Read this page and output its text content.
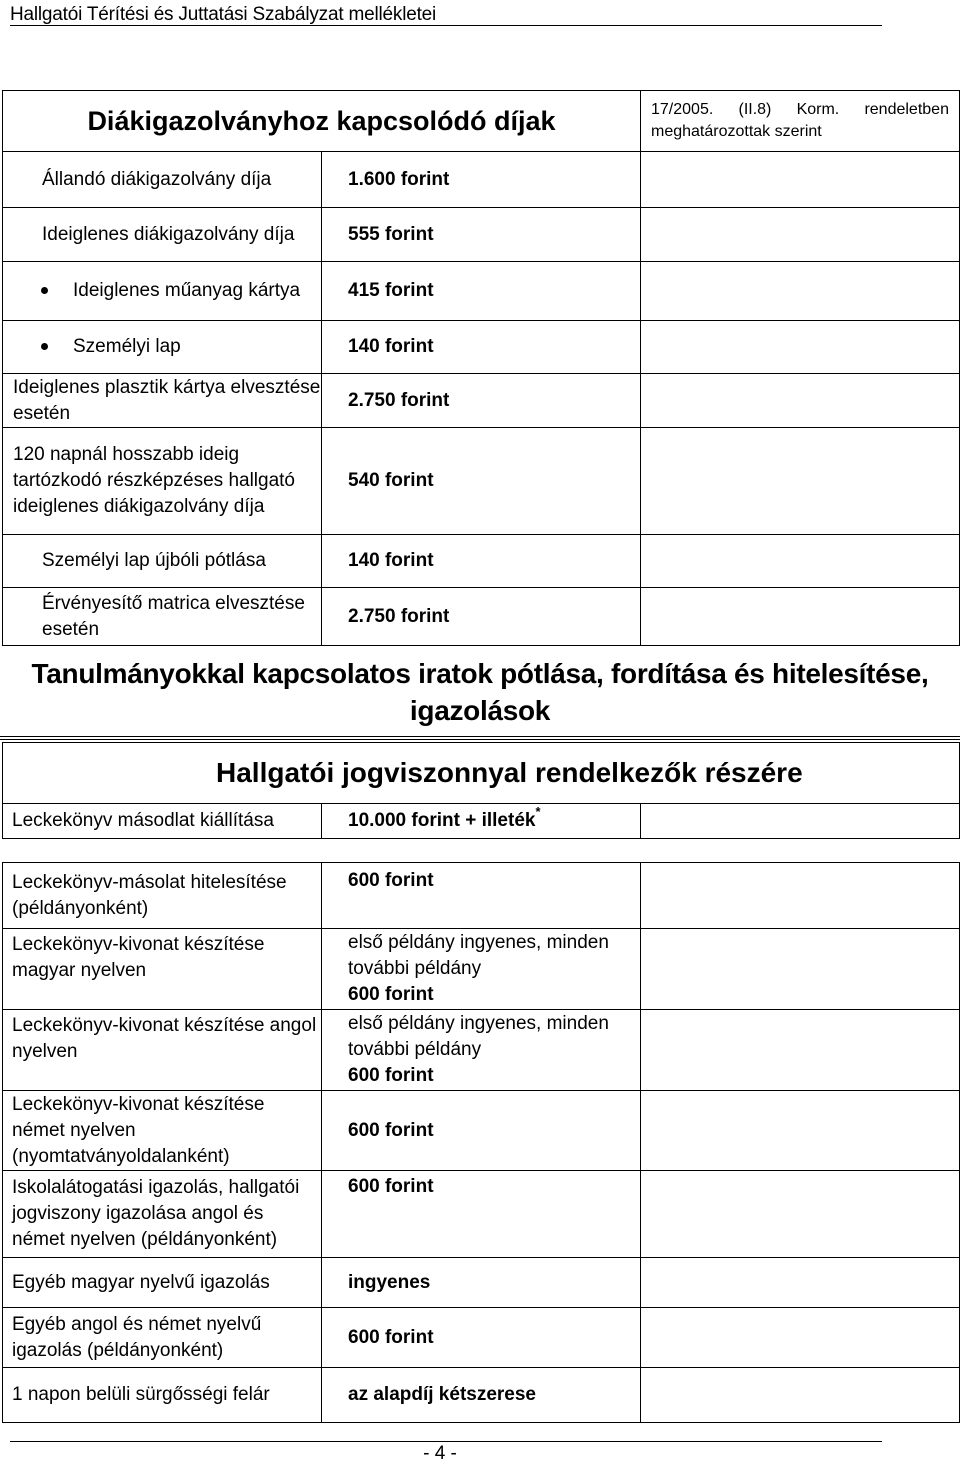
Hallgatói Térítési és Juttatási Szabályzat mellékletei
Diákigazolványhoz kapcsolódó díjak		17/2005. (II.8) Korm. rendeletben
meghatározottak szerint

Állandó diákigazolvány díja	1.600 forint	
Ideiglenes diákigazolvány díja	555 forint	

Ideiglenes műanyag kártya	415 forint	

Személyi lap	140 forint	
Ideiglenes plasztik kártya elvesztése esetén	2.750 forint	
120 napnál hosszabb ideig tartózkodó részképzéses hallgató ideiglenes diákigazolvány díja	540 forint	
Személyi lap újbóli pótlása	140 forint	
Érvényesítő matrica elvesztése esetén	2.750 forint	
Tanulmányokkal kapcsolatos iratok pótlása, fordítása és hitelesítése, igazolások
Hallgatói jogviszonnyal rendelkezők részére		
Leckekönyv másodlat kiállítása	10.000 forint + illeték*	

Leckekönyv-másolat hitelesítése (példányonként)	600 forint	
Leckekönyv-kivonat készítése magyar nyelven	első példány ingyenes, minden további példány
600 forint	

Leckekönyv-kivonat készítése angol nyelven	első példány ingyenes, minden további példány
600 forint	

Leckekönyv-kivonat készítése német nyelven (nyomtatványoldalanként)	600 forint	
Iskolalátogatási igazolás, hallgatói jogviszony igazolása angol és német nyelven (példányonként)	600 forint	
Egyéb magyar nyelvű igazolás	ingyenes	
Egyéb angol és német nyelvű igazolás (példányonként)	600 forint	
1 napon belüli sürgősségi felár	az alapdíj kétszerese	
- 4 -
